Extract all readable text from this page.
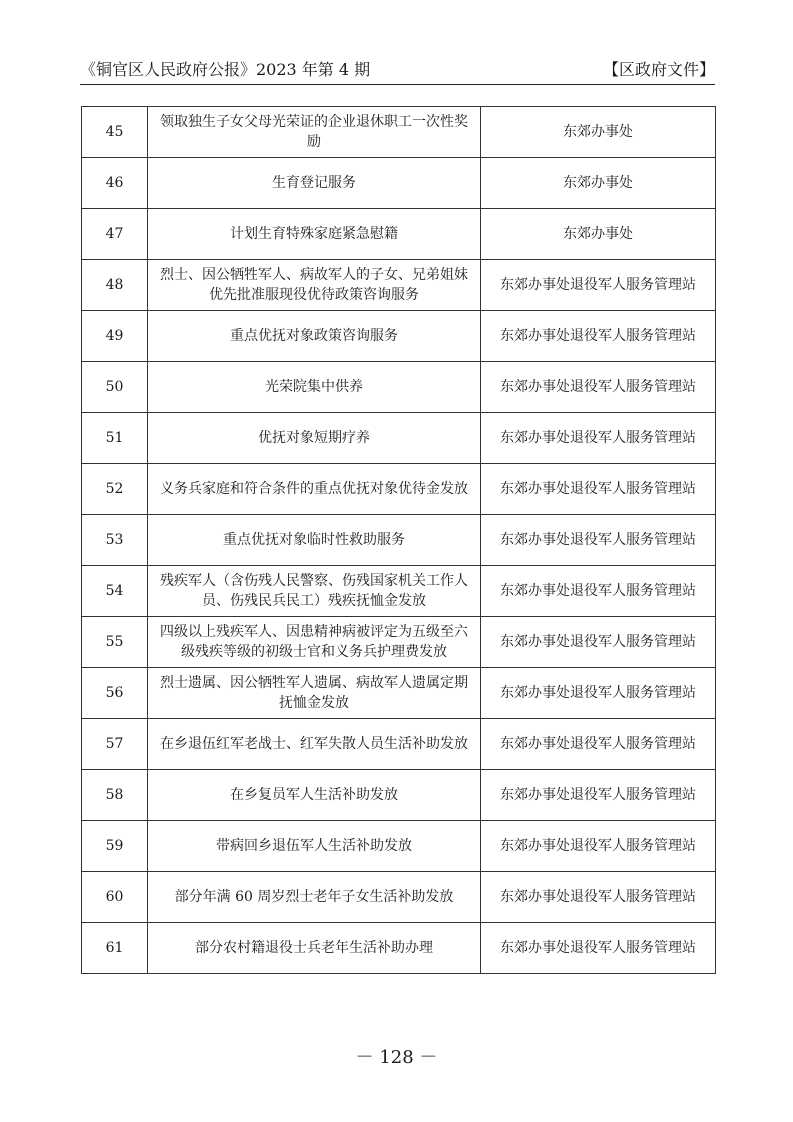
《铜官区人民政府公报》2023 年第 4 期	【区政府文件】
45	领取独生子女父母光荣证的企业退休职工一次性奖励	东郊办事处
46	生育登记服务	东郊办事处
47	计划生育特殊家庭紧急慰籍	东郊办事处
48	烈士、因公牺牲军人、病故军人的子女、兄弟姐妹优先批准服现役优待政策咨询服务	东郊办事处退役军人服务管理站
49	重点优抚对象政策咨询服务	东郊办事处退役军人服务管理站
50	光荣院集中供养	东郊办事处退役军人服务管理站
51	优抚对象短期疗养	东郊办事处退役军人服务管理站
52	义务兵家庭和符合条件的重点优抚对象优待金发放	东郊办事处退役军人服务管理站
53	重点优抚对象临时性救助服务	东郊办事处退役军人服务管理站
54	残疾军人（含伤残人民警察、伤残国家机关工作人员、伤残民兵民工）残疾抚恤金发放	东郊办事处退役军人服务管理站
55	四级以上残疾军人、因患精神病被评定为五级至六级残疾等级的初级士官和义务兵护理费发放	东郊办事处退役军人服务管理站
56	烈士遗属、因公牺牲军人遗属、病故军人遗属定期抚恤金发放	东郊办事处退役军人服务管理站
57	在乡退伍红军老战士、红军失散人员生活补助发放	东郊办事处退役军人服务管理站
58	在乡复员军人生活补助发放	东郊办事处退役军人服务管理站
59	带病回乡退伍军人生活补助发放	东郊办事处退役军人服务管理站
60	部分年满 60 周岁烈士老年子女生活补助发放	东郊办事处退役军人服务管理站
61	部分农村籍退役士兵老年生活补助办理	东郊办事处退役军人服务管理站
－ 128 －
